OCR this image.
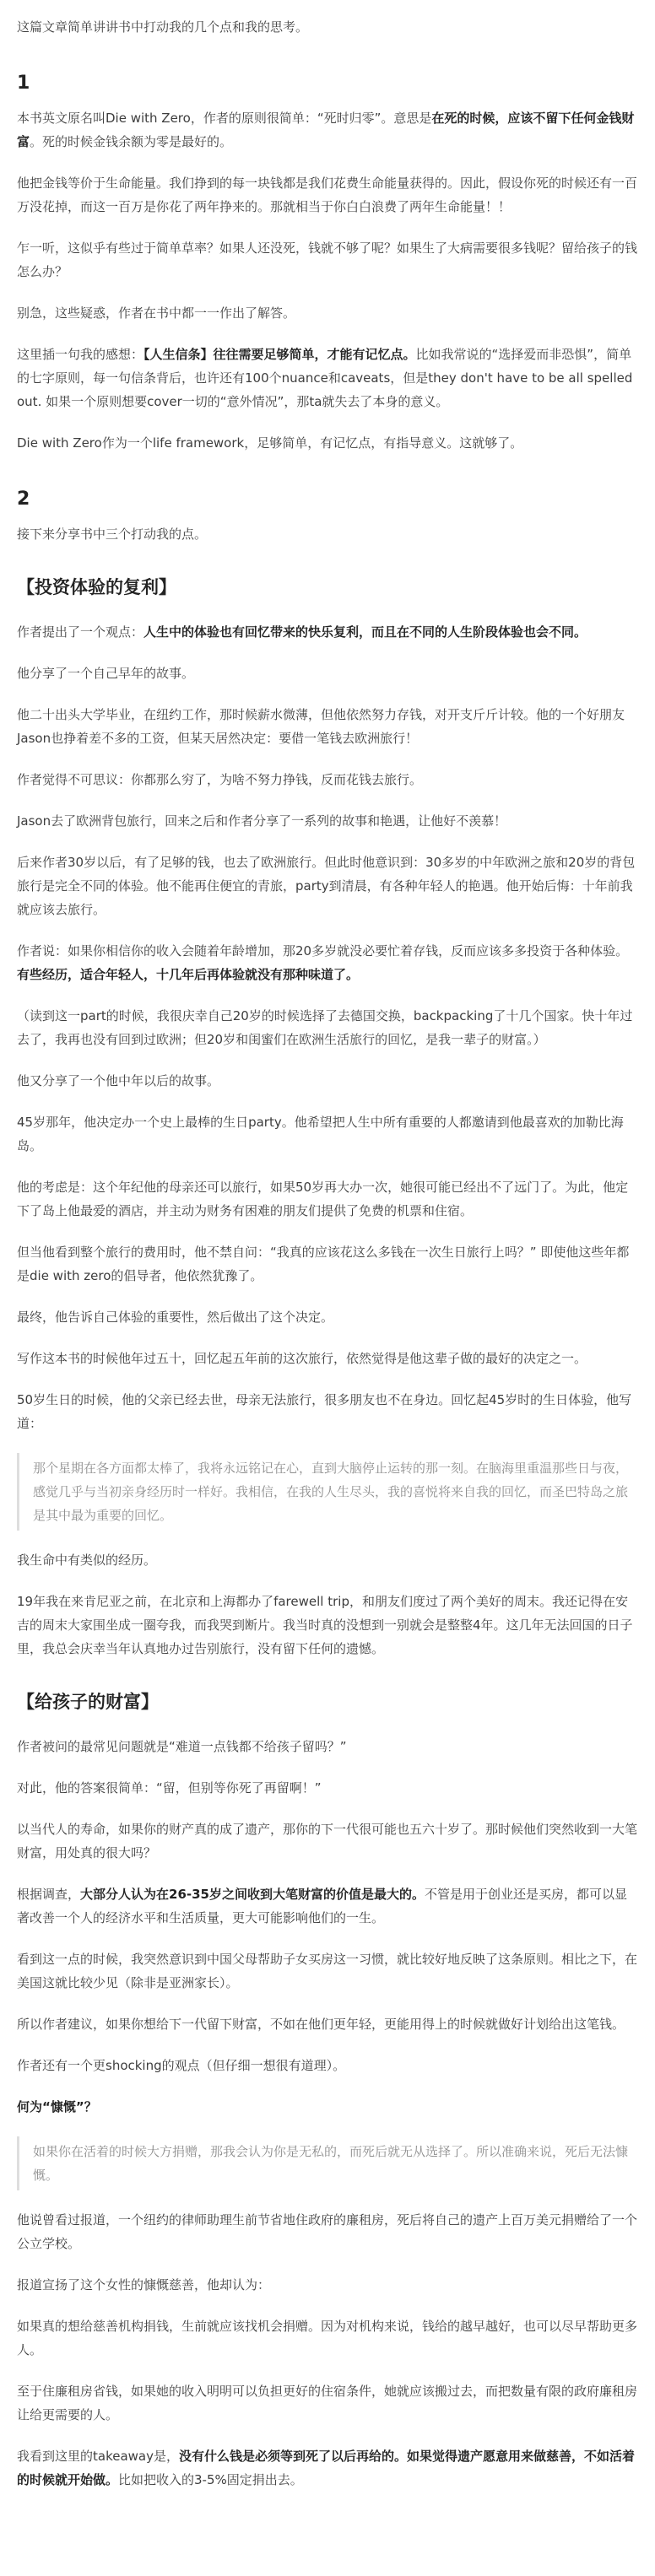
这篇文章简单讲讲书中打动我的几个点和我的思考。

1

本书英文原名叫Die with Zero，作者的原则很简单：“死时归零”。意思是在死的时候，应该不留下任何金钱财富。死的时候金钱余额为零是最好的。

他把金钱等价于生命能量。我们挣到的每一块钱都是我们花费生命能量获得的。因此，假设你死的时候还有一百万没花掉，而这一百万是你花了两年挣来的。那就相当于你白白浪费了两年生命能量！！

乍一听，这似乎有些过于简单草率？如果人还没死，钱就不够了呢？如果生了大病需要很多钱呢？留给孩子的钱怎么办？

别急，这些疑惑，作者在书中都一一作出了解答。

这里插一句我的感想：【人生信条】往往需要足够简单，才能有记忆点。比如我常说的“选择爱而非恐惧”，简单的七字原则，每一句信条背后，也许还有100个nuance和caveats，但是they don't have to be all spelled out. 如果一个原则想要cover一切的“意外情况”，那ta就失去了本身的意义。

Die with Zero作为一个life framework，足够简单，有记忆点，有指导意义。这就够了。

2

接下来分享书中三个打动我的点。

【投资体验的复利】

作者提出了一个观点：人生中的体验也有回忆带来的快乐复利，而且在不同的人生阶段体验也会不同。

他分享了一个自己早年的故事。

他二十出头大学毕业，在纽约工作，那时候薪水微薄，但他依然努力存钱，对开支斤斤计较。他的一个好朋友Jason也挣着差不多的工资，但某天居然决定：要借一笔钱去欧洲旅行！

作者觉得不可思议：你都那么穷了，为啥不努力挣钱，反而花钱去旅行。

Jason去了欧洲背包旅行，回来之后和作者分享了一系列的故事和艳遇，让他好不羡慕！

后来作者30岁以后，有了足够的钱，也去了欧洲旅行。但此时他意识到：30多岁的中年欧洲之旅和20岁的背包旅行是完全不同的体验。他不能再住便宜的青旅，party到清晨，有各种年轻人的艳遇。他开始后悔：十年前我就应该去旅行。

作者说：如果你相信你的收入会随着年龄增加，那20多岁就没必要忙着存钱，反而应该多多投资于各种体验。有些经历，适合年轻人，十几年后再体验就没有那种味道了。

（读到这一part的时候，我很庆幸自己20岁的时候选择了去德国交换，backpacking了十几个国家。快十年过去了，我再也没有回到过欧洲；但20岁和闺蜜们在欧洲生活旅行的回忆，是我一辈子的财富。）

他又分享了一个他中年以后的故事。

45岁那年，他决定办一个史上最棒的生日party。他希望把人生中所有重要的人都邀请到他最喜欢的加勒比海岛。

他的考虑是：这个年纪他的母亲还可以旅行，如果50岁再大办一次，她很可能已经出不了远门了。为此，他定下了岛上他最爱的酒店，并主动为财务有困难的朋友们提供了免费的机票和住宿。

但当他看到整个旅行的费用时，他不禁自问：“我真的应该花这么多钱在一次生日旅行上吗？” 即使他这些年都是die with zero的倡导者，他依然犹豫了。

最终，他告诉自己体验的重要性，然后做出了这个决定。

写作这本书的时候他年过五十，回忆起五年前的这次旅行，依然觉得是他这辈子做的最好的决定之一。

50岁生日的时候，他的父亲已经去世，母亲无法旅行，很多朋友也不在身边。回忆起45岁时的生日体验，他写道：

那个星期在各方面都太棒了，我将永远铭记在心，直到大脑停止运转的那一刻。在脑海里重温那些日与夜，感觉几乎与当初亲身经历时一样好。我相信，在我的人生尽头，我的喜悦将来自我的回忆，而圣巴特岛之旅是其中最为重要的回忆。

我生命中有类似的经历。

19年我在来肯尼亚之前，在北京和上海都办了farewell trip，和朋友们度过了两个美好的周末。我还记得在安吉的周末大家围坐成一圈夸我，而我哭到断片。我当时真的没想到一别就会是整整4年。这几年无法回国的日子里，我总会庆幸当年认真地办过告别旅行，没有留下任何的遗憾。

【给孩子的财富】

作者被问的最常见问题就是“难道一点钱都不给孩子留吗？”

对此，他的答案很简单：“留，但别等你死了再留啊！”

以当代人的寿命，如果你的财产真的成了遗产，那你的下一代很可能也五六十岁了。那时候他们突然收到一大笔财富，用处真的很大吗？

根据调查，大部分人认为在26-35岁之间收到大笔财富的价值是最大的。不管是用于创业还是买房，都可以显著改善一个人的经济水平和生活质量，更大可能影响他们的一生。

看到这一点的时候，我突然意识到中国父母帮助子女买房这一习惯，就比较好地反映了这条原则。相比之下，在美国这就比较少见（除非是亚洲家长）。

所以作者建议，如果你想给下一代留下财富，不如在他们更年轻，更能用得上的时候就做好计划给出这笔钱。

作者还有一个更shocking的观点（但仔细一想很有道理）。

何为“慷慨”？

如果你在活着的时候大方捐赠，那我会认为你是无私的，而死后就无从选择了。所以准确来说，死后无法慷慨。

他说曾看过报道，一个纽约的律师助理生前节省地住政府的廉租房，死后将自己的遗产上百万美元捐赠给了一个公立学校。

报道宣扬了这个女性的慷慨慈善，他却认为：

如果真的想给慈善机构捐钱，生前就应该找机会捐赠。因为对机构来说，钱给的越早越好，也可以尽早帮助更多人。

至于住廉租房省钱，如果她的收入明明可以负担更好的住宿条件，她就应该搬过去，而把数量有限的政府廉租房让给更需要的人。

我看到这里的takeaway是，没有什么钱是必须等到死了以后再给的。如果觉得遗产愿意用来做慈善，不如活着的时候就开始做。比如把收入的3-5%固定捐出去。
